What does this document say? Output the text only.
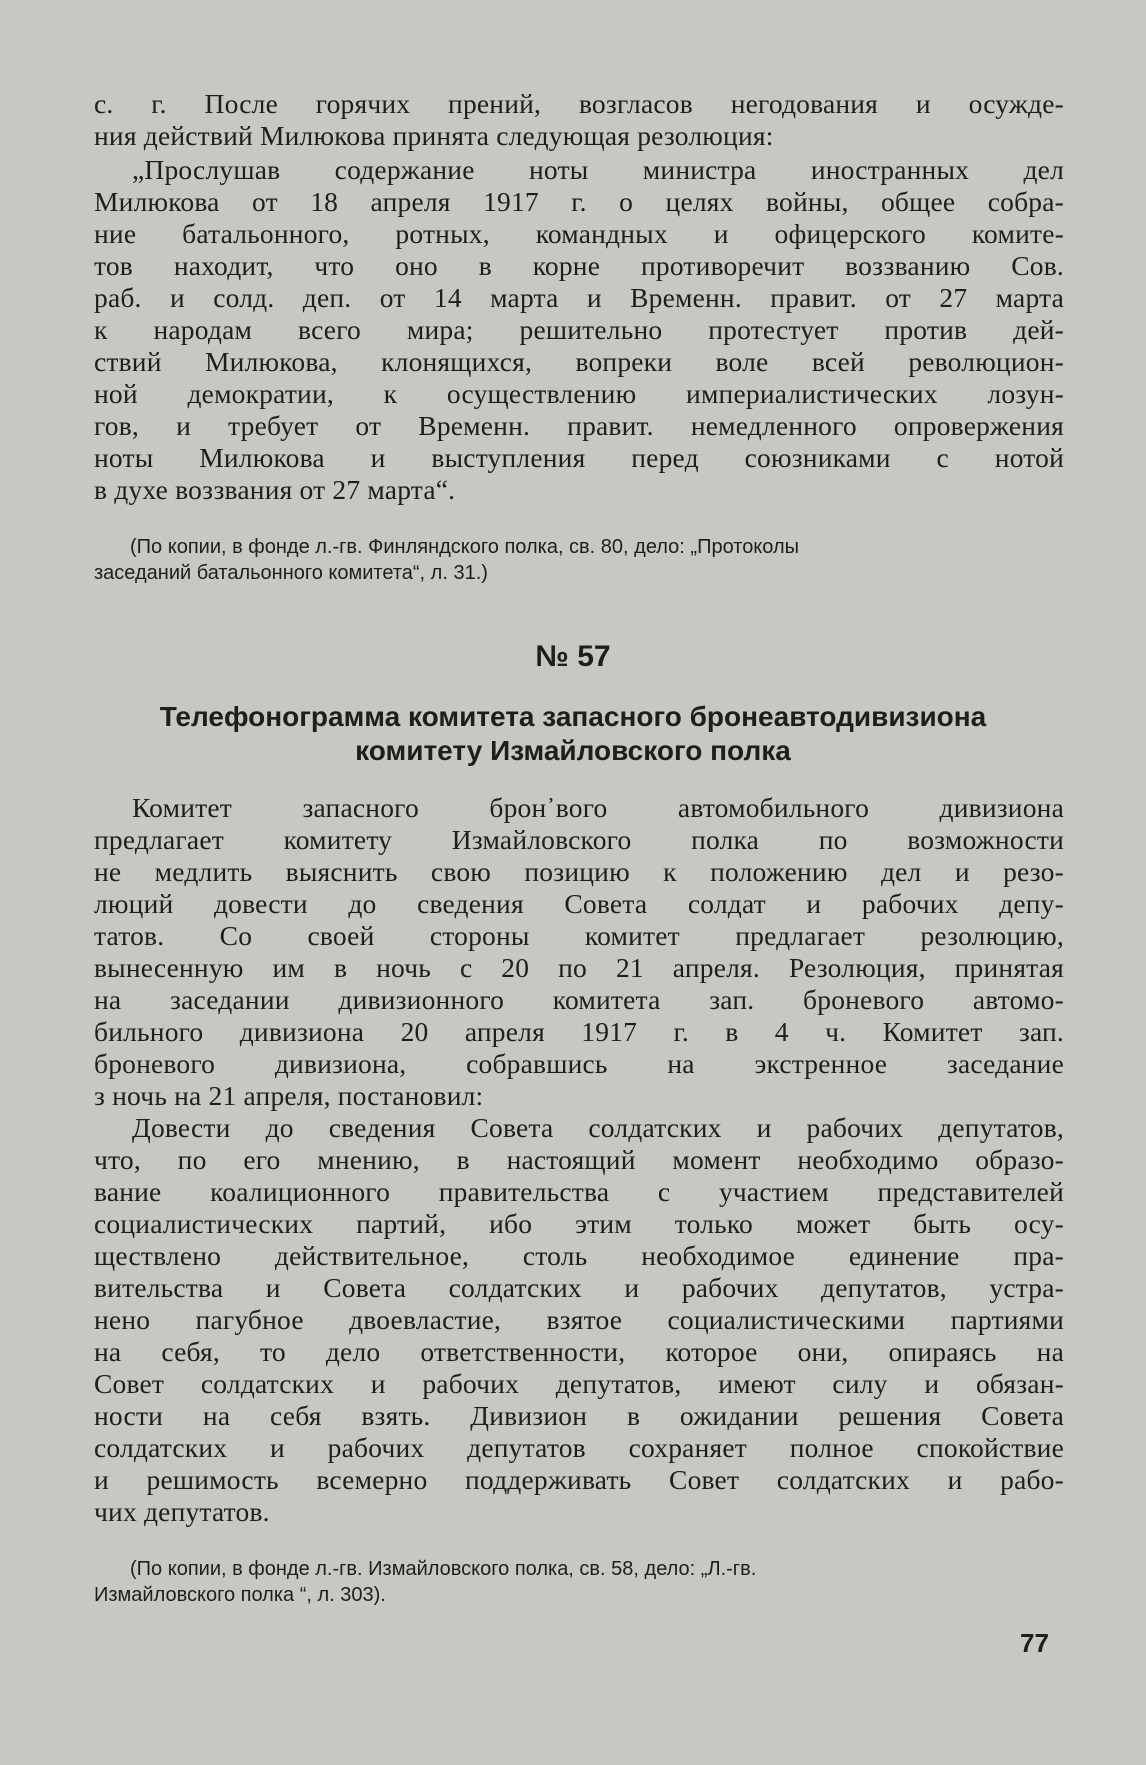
с. г. После горячих прений, возгласов негодования и осужде-

ния действий Милюкова принята следующая резолюция:

„Прослушав содержание ноты министра иностранных дел

Милюкова от 18 апреля 1917 г. о целях войны, общее собра-

ние батальонного, ротных, командных и офицерского комите-

тов находит, что оно в корне противоречит воззванию Сов.

раб. и солд. деп. от 14 марта и Временн. правит. от 27 марта

к народам всего мира; решительно протестует против дей-

ствий Милюкова, клонящихся, вопреки воле всей революцион-

ной демократии, к осуществлению империалистических лозун-

гов, и требует от Временн. правит. немедленного опровержения

ноты Милюкова и выступления перед союзниками с нотой

в духе воззвания от 27 марта“.

(По копии, в фонде л.-гв. Финляндского полка, св. 80, дело: „Протоколы
заседаний батальонного комитета“, л. 31.)
№ 57
Телефонограмма комитета запасного бронеавтодивизиона
комитету Измайловского полка

Комитет запасного брон᾽вого автомобильного дивизиона

предлагает комитету Измайловского полка по возможности

не медлить выяснить свою позицию к положению дел и резо-

люций довести до сведения Совета солдат и рабочих депу-

татов. Со своей стороны комитет предлагает резолюцию,

вынесенную им в ночь с 20 по 21 апреля. Резолюция, принятая

на заседании дивизионного комитета зап. броневого автомо-

бильного дивизиона 20 апреля 1917 г. в 4 ч. Комитет зап.

броневого дивизиона, собравшись на экстренное заседание

з ночь на 21 апреля, постановил:

Довести до сведения Совета солдатских и рабочих депутатов,

что, по его мнению, в настоящий момент необходимо образо-

вание коалиционного правительства с участием представителей

социалистических партий, ибо этим только может быть осу-

ществлено действительное, столь необходимое единение пра-

вительства и Совета солдатских и рабочих депутатов, устра-

нено пагубное двоевластие, взятое социалистическими партиями

на себя, то дело ответственности, которое они, опираясь на

Совет солдатских и рабочих депутатов, имеют силу и обязан-

ности на себя взять. Дивизион в ожидании решения Совета

солдатских и рабочих депутатов сохраняет полное спокойствие

и решимость всемерно поддерживать Совет солдатских и рабо-

чих депутатов.

(По копии, в фонде л.-гв. Измайловского полка, св. 58, дело: „Л.-гв.
Измайловского полка “, л. 303).
77
